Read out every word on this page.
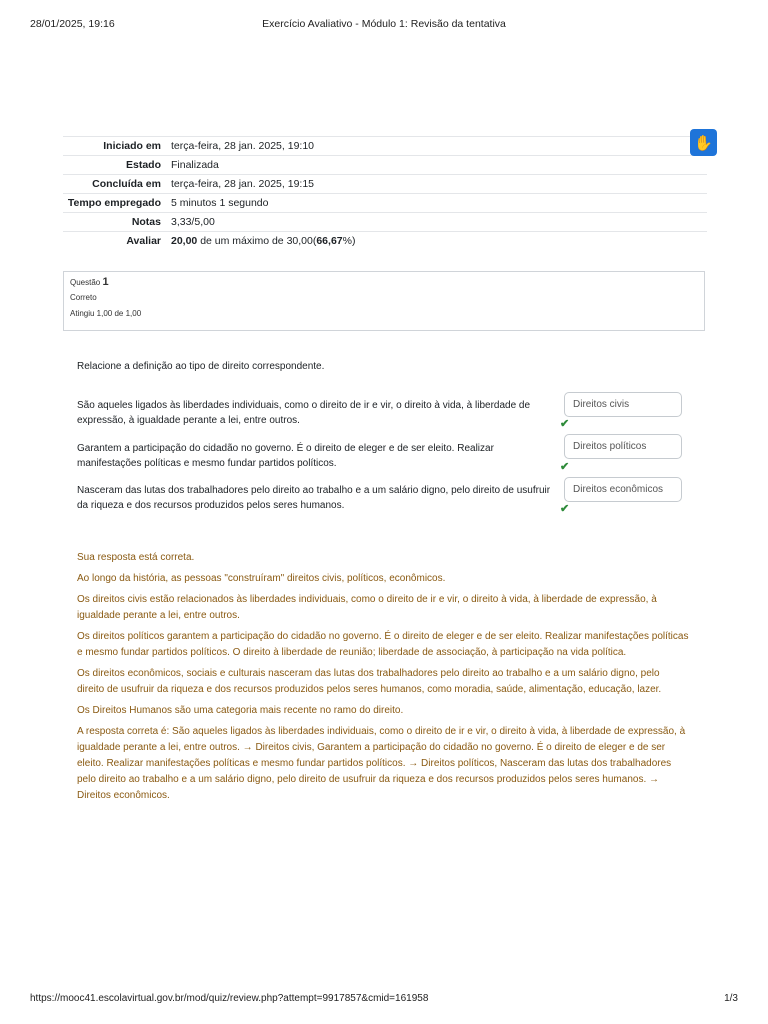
28/01/2025, 19:16	Exercício Avaliativo - Módulo 1: Revisão da tentativa
Iniciado em	terça-feira, 28 jan. 2025, 19:10
Estado	Finalizada
Concluída em	terça-feira, 28 jan. 2025, 19:15
Tempo empregado	5 minutos 1 segundo
Notas	3,33/5,00
Avaliar	20,00 de um máximo de 30,00(66,67%)
✋
Questão 1
Correto
Atingiu 1,00 de 1,00
Relacione a definição ao tipo de direito correspondente.
São aqueles ligados às liberdades individuais, como o direito de ir e vir, o direito à vida, à liberdade de expressão, à igualdade perante a lei, entre outros.
Direitos civis
✔
Garantem a participação do cidadão no governo. É o direito de eleger e de ser eleito. Realizar manifestações políticas e mesmo fundar partidos políticos.
Direitos políticos
✔
Nasceram das lutas dos trabalhadores pelo direito ao trabalho e a um salário digno, pelo direito de usufruir da riqueza e dos recursos produzidos pelos seres humanos.
Direitos econômicos
✔

Sua resposta está correta.

Ao longo da história, as pessoas "construíram" direitos civis, políticos, econômicos.

Os direitos civis estão relacionados às liberdades individuais, como o direito de ir e vir, o direito à vida, à liberdade de expressão, à igualdade perante a lei, entre outros.

Os direitos políticos garantem a participação do cidadão no governo. É o direito de eleger e de ser eleito. Realizar manifestações políticas e mesmo fundar partidos políticos. O direito à liberdade de reunião; liberdade de associação, à participação na vida política.

Os direitos econômicos, sociais e culturais nasceram das lutas dos trabalhadores pelo direito ao trabalho e a um salário digno, pelo direito de usufruir da riqueza e dos recursos produzidos pelos seres humanos, como moradia, saúde, alimentação, educação, lazer.

Os Direitos Humanos são uma categoria mais recente no ramo do direito.

A resposta correta é: São aqueles ligados às liberdades individuais, como o direito de ir e vir, o direito à vida, à liberdade de expressão, à igualdade perante a lei, entre outros. → Direitos civis, Garantem a participação do cidadão no governo. É o direito de eleger e de ser eleito. Realizar manifestações políticas e mesmo fundar partidos políticos. → Direitos políticos, Nasceram das lutas dos trabalhadores pelo direito ao trabalho e a um salário digno, pelo direito de usufruir da riqueza e dos recursos produzidos pelos seres humanos. → Direitos econômicos.

https://mooc41.escolavirtual.gov.br/mod/quiz/review.php?attempt=9917857&cmid=161958	1/3
